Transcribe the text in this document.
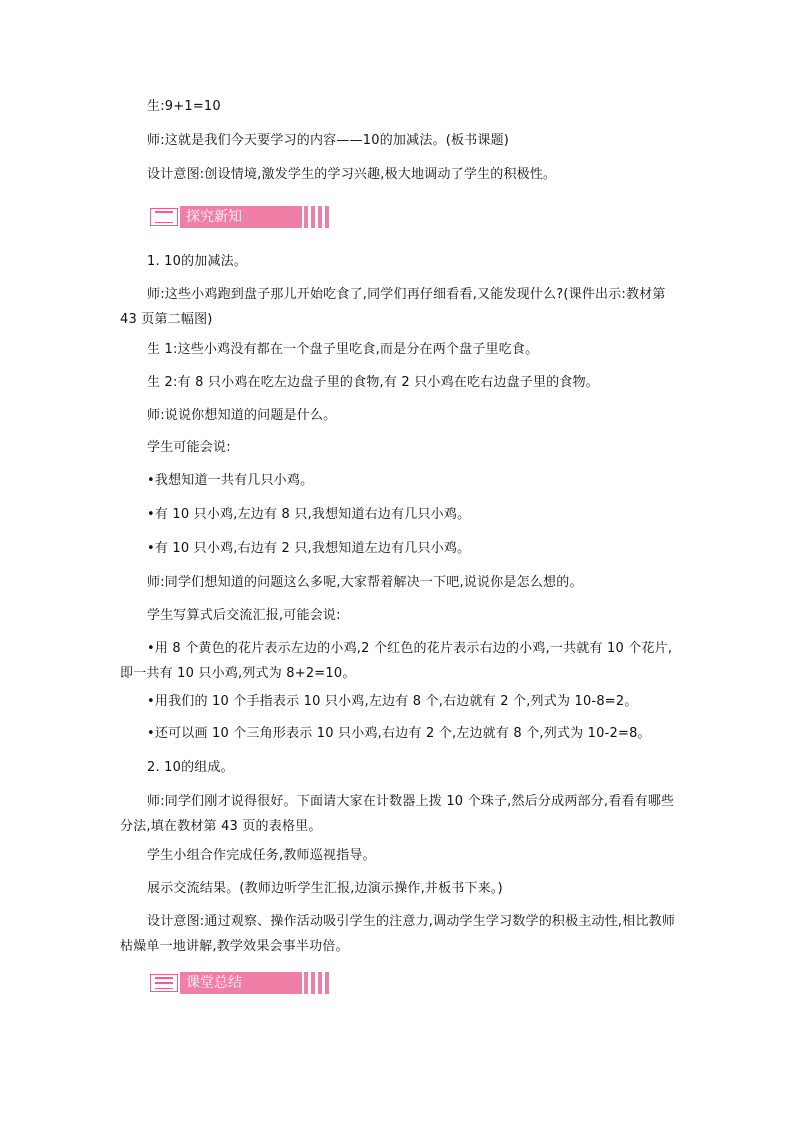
生:9+1=10
师:这就是我们今天要学习的内容——10的加减法。(板书课题)
设计意图:创设情境,激发学生的学习兴趣,极大地调动了学生的积极性。
探究新知
1. 10的加减法。
师:这些小鸡跑到盘子那儿开始吃食了,同学们再仔细看看,又能发现什么?(课件出示:教材第 43 页第二幅图)
生 1:这些小鸡没有都在一个盘子里吃食,而是分在两个盘子里吃食。
生 2:有 8 只小鸡在吃左边盘子里的食物,有 2 只小鸡在吃右边盘子里的食物。
师:说说你想知道的问题是什么。
学生可能会说:
•我想知道一共有几只小鸡。
•有 10 只小鸡,左边有 8 只,我想知道右边有几只小鸡。
•有 10 只小鸡,右边有 2 只,我想知道左边有几只小鸡。
师:同学们想知道的问题这么多呢,大家帮着解决一下吧,说说你是怎么想的。
学生写算式后交流汇报,可能会说:
•用 8 个黄色的花片表示左边的小鸡,2 个红色的花片表示右边的小鸡,一共就有 10 个花片,即一共有 10 只小鸡,列式为 8+2=10。
•用我们的 10 个手指表示 10 只小鸡,左边有 8 个,右边就有 2 个,列式为 10-8=2。
•还可以画 10 个三角形表示 10 只小鸡,右边有 2 个,左边就有 8 个,列式为 10-2=8。
2. 10的组成。
师:同学们刚才说得很好。下面请大家在计数器上拨 10 个珠子,然后分成两部分,看看有哪些分法,填在教材第 43 页的表格里。
学生小组合作完成任务,教师巡视指导。
展示交流结果。(教师边听学生汇报,边演示操作,并板书下来。)
设计意图:通过观察、操作活动吸引学生的注意力,调动学生学习数学的积极主动性,相比教师枯燥单一地讲解,教学效果会事半功倍。
课堂总结
